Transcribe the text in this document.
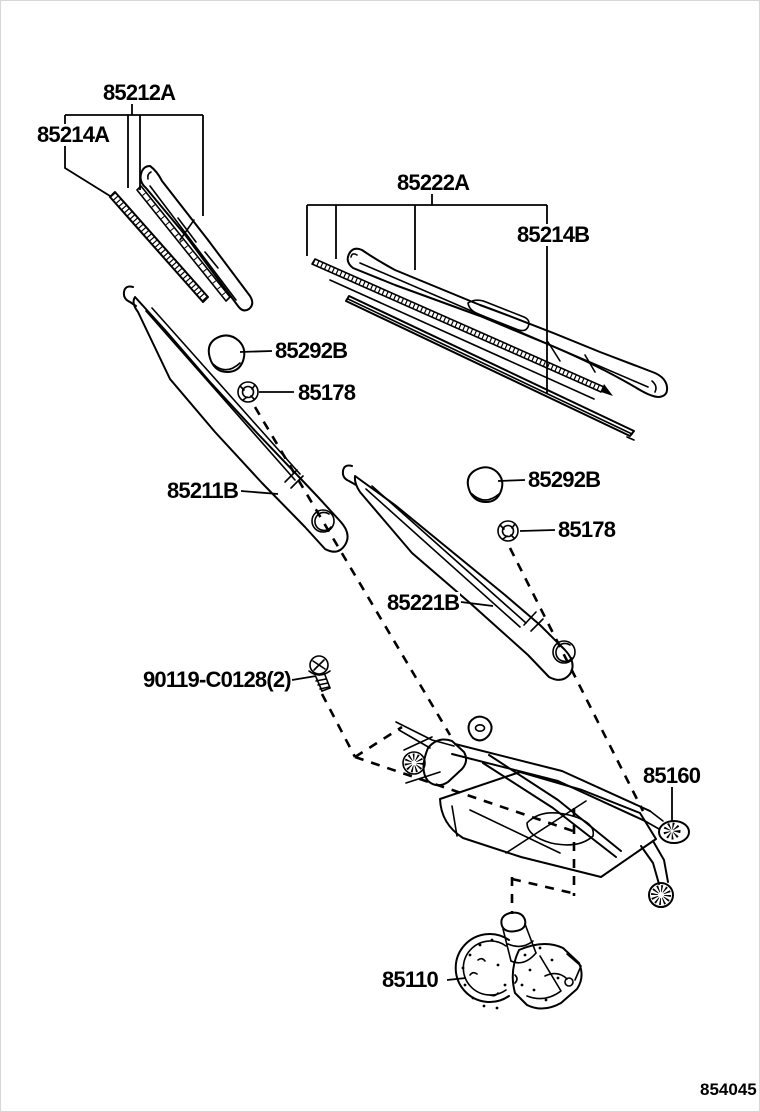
85212A
85214A
85222A
85214B
85292B
85178
85211B	85292B
85178
85221B
90119-C0128(2)
85160
85110
854045
